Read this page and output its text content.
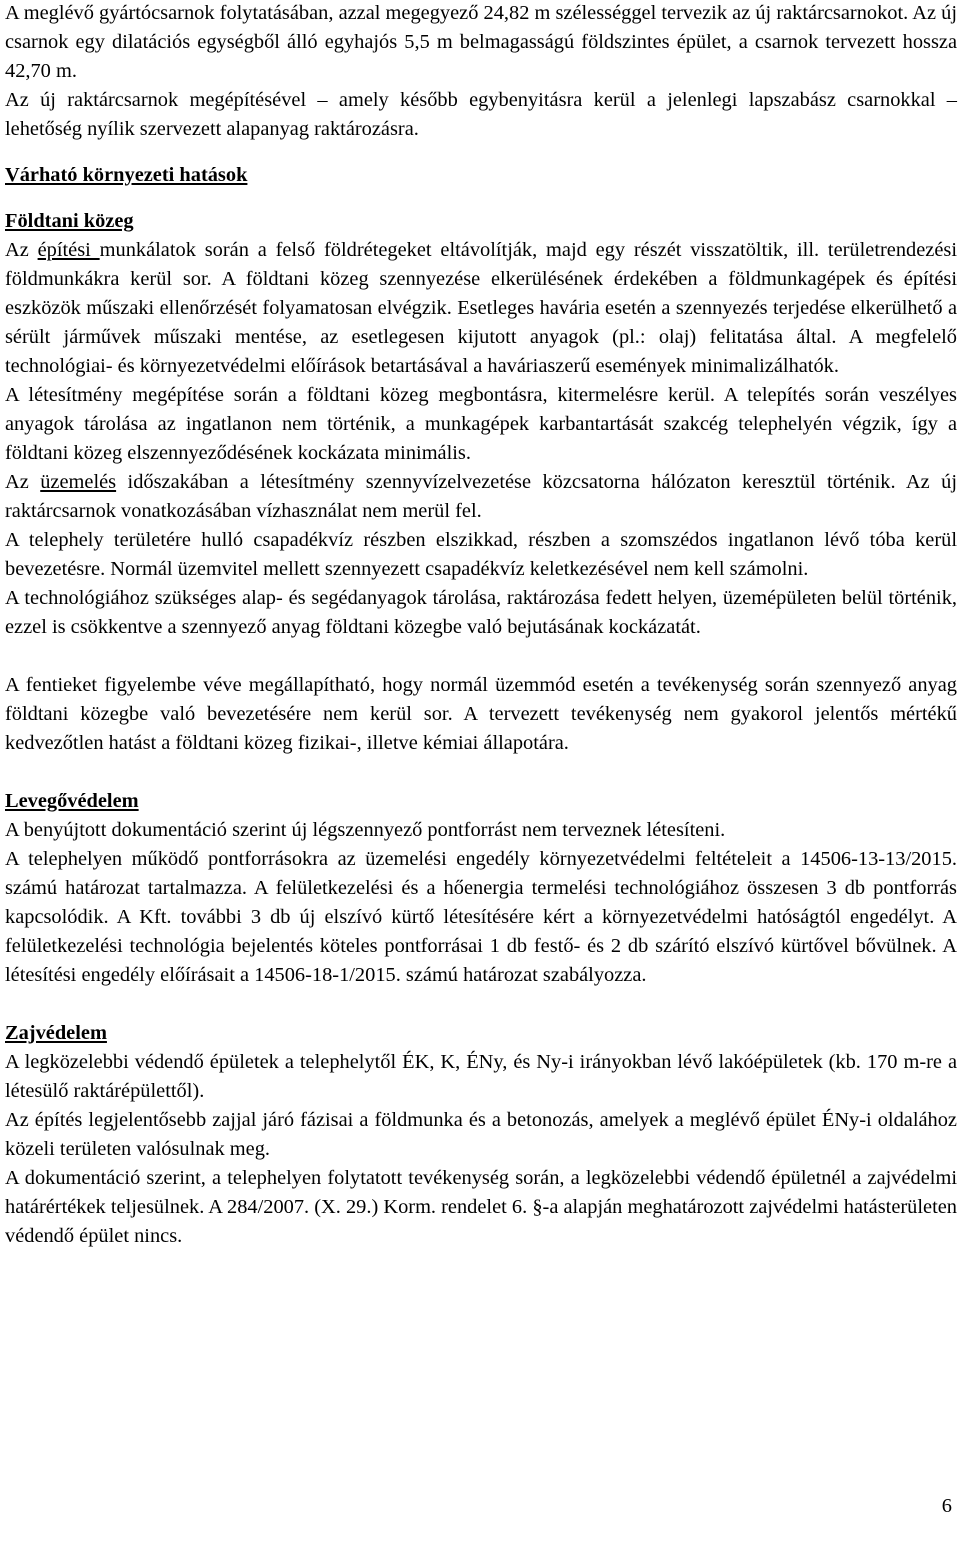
A meglévő gyártócsarnok folytatásában, azzal megegyező 24,82 m szélességgel tervezik az új raktárcsarnokot. Az új csarnok egy dilatációs egységből álló egyhajós 5,5 m belmagasságú földszintes épület, a csarnok tervezett hossza 42,70 m.

Az új raktárcsarnok megépítésével – amely később egybenyitásra kerül a jelenlegi lapszabász csarnokkal – lehetőség nyílik szervezett alapanyag raktározásra.

Várható környezeti hatások

Földtani közeg

Az építési munkálatok során a felső földrétegeket eltávolítják, majd egy részét visszatöltik, ill. területrendezési földmunkákra kerül sor. A földtani közeg szennyezése elkerülésének érdekében a földmunkagépek és építési eszközök műszaki ellenőrzését folyamatosan elvégzik. Esetleges havária esetén a szennyezés terjedése elkerülhető a sérült járművek műszaki mentése, az esetlegesen kijutott anyagok (pl.: olaj) felitatása által. A megfelelő technológiai- és környezetvédelmi előírások betartásával a haváriaszerű események minimalizálhatók.

A létesítmény megépítése során a földtani közeg megbontásra, kitermelésre kerül. A telepítés során veszélyes anyagok tárolása az ingatlanon nem történik, a munkagépek karbantartását szakcég telephelyén végzik, így a földtani közeg elszennyeződésének kockázata minimális.

Az üzemelés időszakában a létesítmény szennyvízelvezetése közcsatorna hálózaton keresztül történik. Az új raktárcsarnok vonatkozásában vízhasználat nem merül fel.

A telephely területére hulló csapadékvíz részben elszikkad, részben a szomszédos ingatlanon lévő tóba kerül bevezetésre. Normál üzemvitel mellett szennyezett csapadékvíz keletkezésével nem kell számolni.

A technológiához szükséges alap- és segédanyagok tárolása, raktározása fedett helyen, üzemépületen belül történik, ezzel is csökkentve a szennyező anyag földtani közegbe való bejutásának kockázatát.

A fentieket figyelembe véve megállapítható, hogy normál üzemmód esetén a tevékenység során szennyező anyag földtani közegbe való bevezetésére nem kerül sor. A tervezett tevékenység nem gyakorol jelentős mértékű kedvezőtlen hatást a földtani közeg fizikai-, illetve kémiai állapotára.

Levegővédelem

A benyújtott dokumentáció szerint új légszennyező pontforrást nem terveznek létesíteni.

A telephelyen működő pontforrásokra az üzemelési engedély környezetvédelmi feltételeit a 14506-13-13/2015. számú határozat tartalmazza. A felületkezelési és a hőenergia termelési technológiához összesen 3 db pontforrás kapcsolódik. A Kft. további 3 db új elszívó kürtő létesítésére kért a környezetvédelmi hatóságtól engedélyt. A felületkezelési technológia bejelentés köteles pontforrásai 1 db festő- és 2 db szárító elszívó kürtővel bővülnek. A létesítési engedély előírásait a 14506-18-1/2015. számú határozat szabályozza.

Zajvédelem

A legközelebbi védendő épületek a telephelytől ÉK, K, ÉNy, és Ny-i irányokban lévő lakóépületek (kb. 170 m-re a létesülő raktárépülettől).

Az építés legjelentősebb zajjal járó fázisai a földmunka és a betonozás, amelyek a meglévő épület ÉNy-i oldalához közeli területen valósulnak meg.

A dokumentáció szerint, a telephelyen folytatott tevékenység során, a legközelebbi védendő épületnél a zajvédelmi határértékek teljesülnek. A 284/2007. (X. 29.) Korm. rendelet 6. §-a alapján meghatározott zajvédelmi hatásterületen védendő épület nincs.

6
